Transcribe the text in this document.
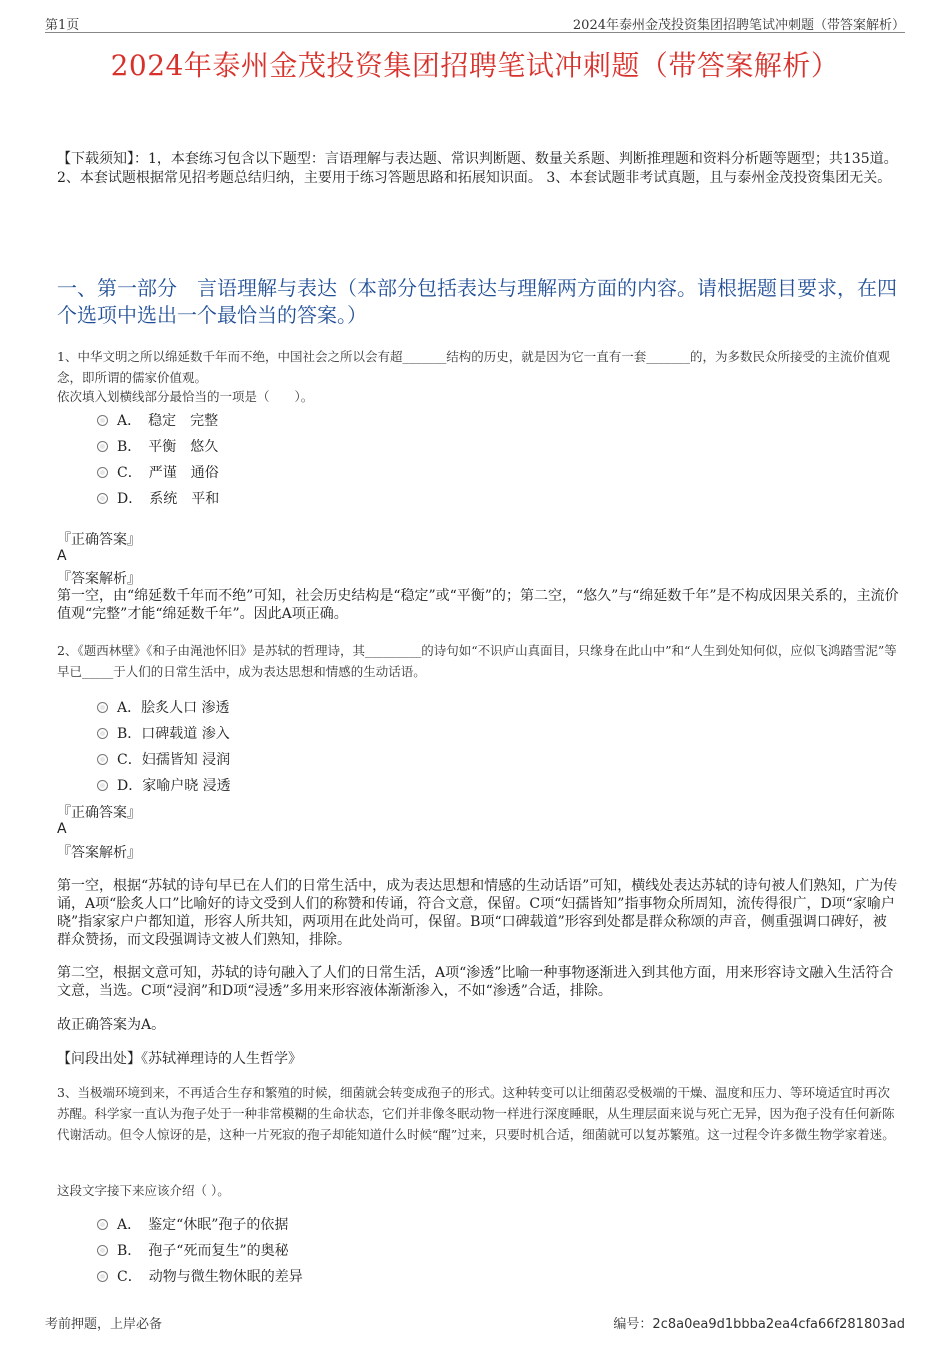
第1页	2024年泰州金茂投资集团招聘笔试冲刺题（带答案解析）
2024年泰州金茂投资集团招聘笔试冲刺题（带答案解析）
【下载须知】：1，本套练习包含以下题型：言语理解与表达题、常识判断题、数量关系题、判断推理题和资料分析题等题型；共135道。 2、本套试题根据常见招考题总结归纳，主要用于练习答题思路和拓展知识面。 3、本套试题非考试真题，且与泰州金茂投资集团无关。
一、第一部分　言语理解与表达（本部分包括表达与理解两方面的内容。请根据题目要求，在四个选项中选出一个最恰当的答案。）
1、中华文明之所以绵延数千年而不绝，中国社会之所以会有超_______结构的历史，就是因为它一直有一套_______的，为多数民众所接受的主流价值观念，即所谓的儒家价值观。
依次填入划横线部分最恰当的一项是（　　）。
A．　稳定　完整
B．　平衡　悠久
C．　严谨　通俗
D．　系统　平和
『正确答案』
A
『答案解析』
第一空，由“绵延数千年而不绝”可知，社会历史结构是“稳定”或“平衡”的；第二空，“悠久”与“绵延数千年”是不构成因果关系的，主流价值观“完整”才能“绵延数千年”。因此A项正确。
2、《题西林壁》《和子由渑池怀旧》是苏轼的哲理诗，其_________的诗句如“不识庐山真面目，只缘身在此山中”和“人生到处知何似，应似飞鸿踏雪泥”等早已_____于人们的日常生活中，成为表达思想和情感的生动话语。
A．脍炙人口 渗透
B．口碑载道 渗入
C．妇孺皆知 浸润
D．家喻户晓 浸透
『正确答案』
A
『答案解析』
第一空，根据“苏轼的诗句早已在人们的日常生活中，成为表达思想和情感的生动话语”可知，横线处表达苏轼的诗句被人们熟知，广为传诵，A项“脍炙人口”比喻好的诗文受到人们的称赞和传诵，符合文意，保留。C项“妇孺皆知”指事物众所周知，流传得很广，D项“家喻户晓”指家家户户都知道，形容人所共知，两项用在此处尚可，保留。B项“口碑载道”形容到处都是群众称颂的声音，侧重强调口碑好，被群众赞扬，而文段强调诗文被人们熟知，排除。
第二空，根据文意可知，苏轼的诗句融入了人们的日常生活，A项“渗透”比喻一种事物逐渐进入到其他方面，用来形容诗文融入生活符合文意，当选。C项“浸润”和D项“浸透”多用来形容液体渐渐渗入，不如“渗透”合适，排除。
故正确答案为A。
【问段出处】《苏轼禅理诗的人生哲学》
3、当极端环境到来，不再适合生存和繁殖的时候，细菌就会转变成孢子的形式。这种转变可以让细菌忍受极端的干燥、温度和压力、等环境适宜时再次苏醒。科学家一直认为孢子处于一种非常模糊的生命状态，它们并非像冬眠动物一样进行深度睡眠，从生理层面来说与死亡无异，因为孢子没有任何新陈代谢活动。但令人惊讶的是，这种一片死寂的孢子却能知道什么时候“醒”过来，只要时机合适，细菌就可以复苏繁殖。这一过程令许多微生物学家着迷。
这段文字接下来应该介绍（ ）。
A．　鉴定“休眠”孢子的依据
B．　孢子“死而复生”的奥秘
C．　动物与微生物休眠的差异
考前押题，上岸必备	编号：2c8a0ea9d1bbba2ea4cfa66f281803ad
